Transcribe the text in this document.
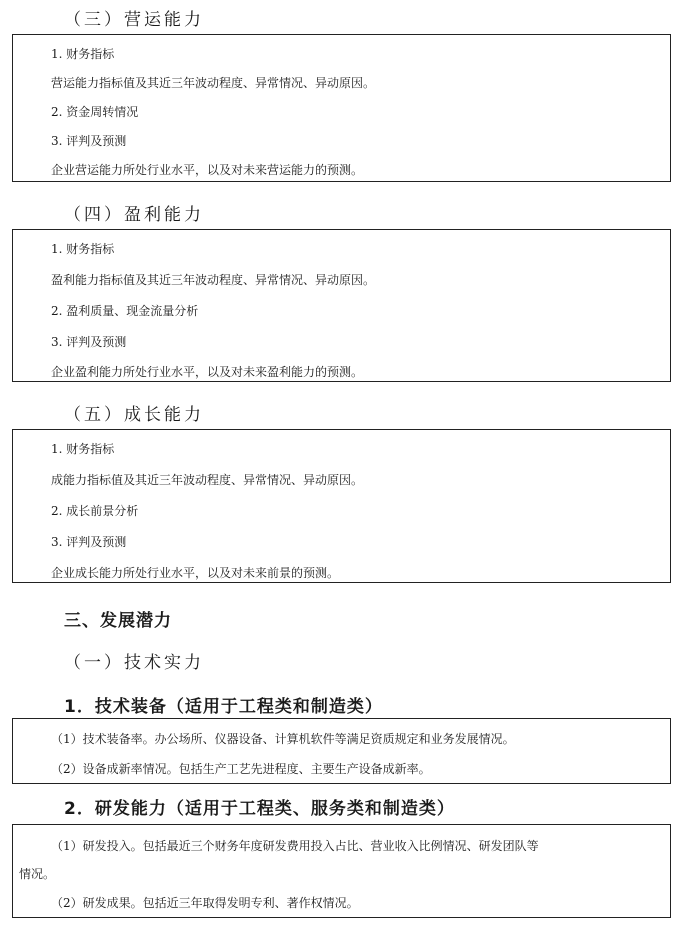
（三）营运能力
1. 财务指标
营运能力指标值及其近三年波动程度、异常情况、异动原因。
2. 资金周转情况
3. 评判及预测
企业营运能力所处行业水平，以及对未来营运能力的预测。
（四）盈利能力
1. 财务指标
盈利能力指标值及其近三年波动程度、异常情况、异动原因。
2. 盈利质量、现金流量分析
3. 评判及预测
企业盈利能力所处行业水平，以及对未来盈利能力的预测。
（五）成长能力
1. 财务指标
成能力指标值及其近三年波动程度、异常情况、异动原因。
2. 成长前景分析
3. 评判及预测
企业成长能力所处行业水平，以及对未来前景的预测。
三、发展潜力
（一）技术实力
1．技术装备（适用于工程类和制造类）
（1）技术装备率。办公场所、仪器设备、计算机软件等满足资质规定和业务发展情况。
（2）设备成新率情况。包括生产工艺先进程度、主要生产设备成新率。
2．研发能力（适用于工程类、服务类和制造类）
（1）研发投入。包括最近三个财务年度研发费用投入占比、营业收入比例情况、研发团队等
情况。
（2）研发成果。包括近三年取得发明专利、著作权情况。
